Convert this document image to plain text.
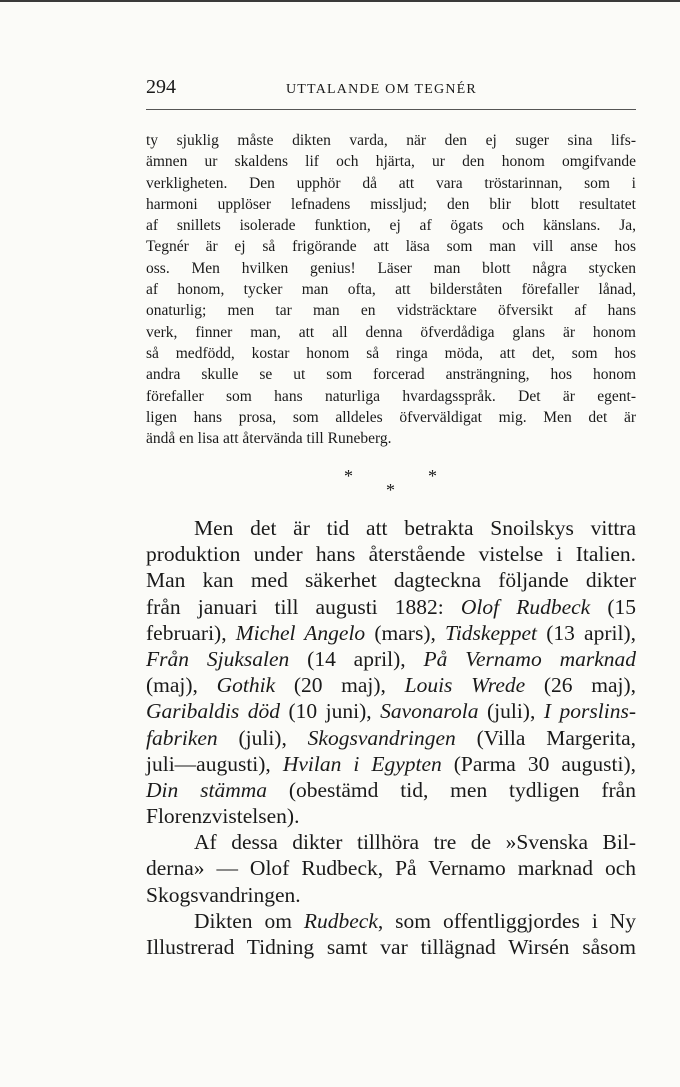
294	UTTALANDE OM TEGNÉR
ty sjuklig måste dikten varda, när den ej suger sina lifs-
ämnen ur skaldens lif och hjärta, ur den honom omgifvande
verkligheten. Den upphör då att vara tröstarinnan, som i
harmoni upplöser lefnadens missljud; den blir blott resultatet
af snillets isolerade funktion, ej af ögats och känslans. Ja,
Tegnér är ej så frigörande att läsa som man vill anse hos
oss. Men hvilken genius! Läser man blott några stycken
af honom, tycker man ofta, att bilderståten förefaller lånad,
onaturlig; men tar man en vidsträcktare öfversikt af hans
verk, finner man, att all denna öfverdådiga glans är honom
så medfödd, kostar honom så ringa möda, att det, som hos
andra skulle se ut som forcerad ansträngning, hos honom
förefaller som hans naturliga hvardagsspråk. Det är egent-
ligen hans prosa, som alldeles öfverväldigat mig. Men det är
ändå en lisa att återvända till Runeberg.
*	*
*
Men det är tid att betrakta Snoilskys vittra
produktion under hans återstående vistelse i Italien.
Man kan med säkerhet dagteckna följande dikter
från januari till augusti 1882: Olof Rudbeck (15
februari), Michel Angelo (mars), Tidskeppet (13 april),
Från Sjuksalen (14 april), På Vernamo marknad
(maj), Gothik (20 maj), Louis Wrede (26 maj),
Garibaldis död (10 juni), Savonarola (juli), I porslins-
fabriken (juli), Skogsvandringen (Villa Margerita,
juli—augusti), Hvilan i Egypten (Parma 30 augusti),
Din stämma (obestämd tid, men tydligen från
Florenzvistelsen).
Af dessa dikter tillhöra tre de »Svenska Bil-
derna» — Olof Rudbeck, På Vernamo marknad och
Skogsvandringen.
Dikten om Rudbeck, som offentliggjordes i Ny
Illustrerad Tidning samt var tillägnad Wirsén såsom
